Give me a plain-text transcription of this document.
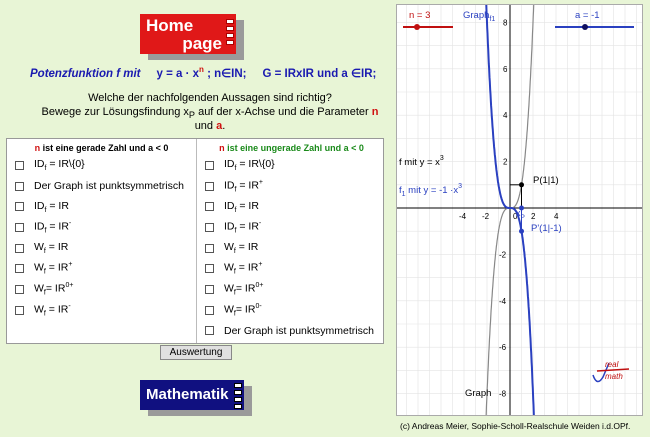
Home
page
Potenzfunktion f mit $y = a \cdot x^n$ ; n∈IN; G = IRxIR und a ∈IR;
Welche der nachfolgenden Aussagen sind richtig?
Bewege zur Lösungsfindung $x_P$ auf der x-Achse und die Parameter n und a.
n ist eine gerade Zahl und a < 0
$ID_f$ = IR\{0}
Der Graph ist punktsymmetrisch
$ID_f$ = IR
$ID_f = IR^-$
$W_f$ = IR
$W_f = IR^+$
$W_f= IR^{0+}$
$W_f = IR^-$
n ist eine ungerade Zahl und a < 0
$ID_f$ = IR\{0}
$ID_f = IR^+$
$ID_f$ = IR
$ID_f = IR^-$
$W_f$ = IR
$W_f = IR^+$
$W_f= IR^{0+}$
$W_f= IR^{0-}$
Der Graph ist punktsymmetrisch
Auswertung
Mathematik
-4 -2	0 2 4
8
6
4
2
-2
-4
-6
-8
n = 3	a = -1
Graph$_{f1}$
f mit $y = x^3$
$f_1$ mit $y = -1 \cdot x^3$
P(1|1)
P'(1|-1)
$x_P$
Graph
real
math
(c) Andreas Meier, Sophie-Scholl-Realschule Weiden i.d.OPf.
